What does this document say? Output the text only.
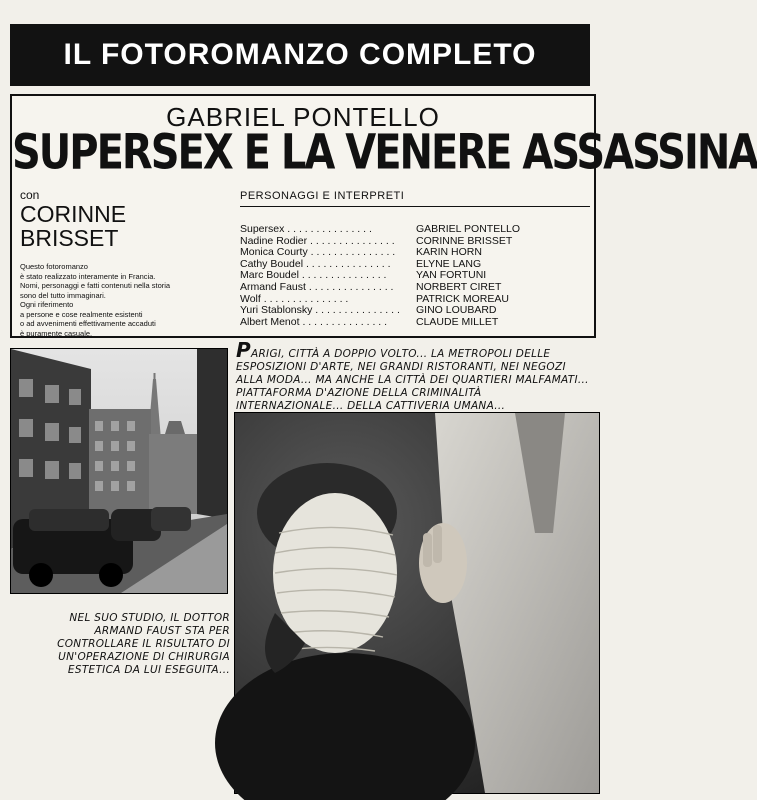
IL FOTOROMANZO COMPLETO
GABRIEL PONTELLO
SUPERSEX E LA VENERE ASSASSINA
con
CORINNE
BRISSET
Questo fotoromanzo
è stato realizzato interamente in Francia.
Nomi, personaggi e fatti contenuti nella storia
sono del tutto immaginari.
Ogni riferimento
a persone e cose realmente esistenti
o ad avvenimenti effettivamente accaduti
è puramente casuale.
PERSONAGGI E INTERPRETI
Supersex . . .	GABRIEL PONTELLO
Nadine Rodier . . .	CORINNE BRISSET
Monica Courty . . .	KARIN HORN
Cathy Boudel . . .	ELYNE LANG
Marc Boudel . . .	YAN FORTUNI
Armand Faust . . .	NORBERT CIRET
Wolf . . .	PATRICK MOREAU
Yuri Stablonsky . . .	GINO LOUBARD
Albert Menot . . .	CLAUDE MILLET
PARIGI, CITTÀ A DOPPIO VOLTO... LA METROPOLI DELLE ESPOSIZIONI D'ARTE, NEI GRANDI RISTORANTI, NEI NEGOZI ALLA MODA... MA ANCHE LA CITTÀ DEI QUARTIERI MALFAMATI... PIATTAFORMA D'AZIONE DELLA CRIMINALITÀ INTERNAZIONALE... DELLA CATTIVERIA UMANA...
NEL SUO STUDIO, IL DOTTOR ARMAND FAUST STA PER CONTROLLARE IL RISULTATO DI UN'OPERAZIONE DI CHIRURGIA ESTETICA DA LUI ESEGUITA...
